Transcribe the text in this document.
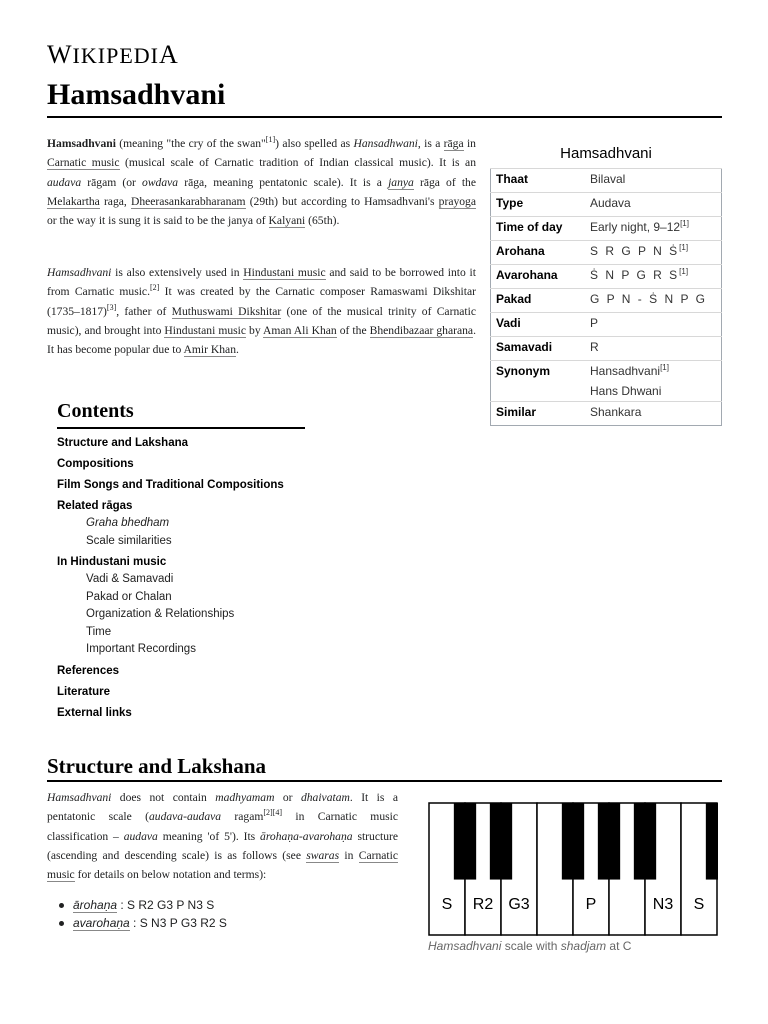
WIKIPEDIA
Hamsadhvani

Hamsadhvani (meaning "the cry of the swan"[1]) also spelled as Hansadhwani, is a rāga in Carnatic music (musical scale of Carnatic tradition of Indian classical music). It is an audava rāgam (or owdava rāga, meaning pentatonic scale). It is a janya rāga of the Melakartha raga, Dheerasankarabharanam (29th) but according to Hamsadhvani's prayoga or the way it is sung it is said to be the janya of Kalyani (65th).

Hamsadhvani is also extensively used in Hindustani music and said to be borrowed into it from Carnatic music.[2] It was created by the Carnatic composer Ramaswami Dikshitar (1735–1817)[3], father of Muthuswami Dikshitar (one of the musical trinity of Carnatic music), and brought into Hindustani music by Aman Ali Khan of the Bhendibazaar gharana. It has become popular due to Amir Khan.

Hamsadhvani
Thaat	Bilaval
Type	Audava
Time of day	Early night, 9–12[1]
Arohana	S R G P N Ṡ[1]
Avarohana	Ṡ N P G R S[1]
Pakad	G P N - Ṡ N P G
Vadi	P
Samavadi	R
Synonym	Hansadhvani[1]
Hans Dhwani

Similar	Shankara
Contents
Structure and Lakshana
Compositions
Film Songs and Traditional Compositions
Related rāgas
Graha bhedham
Scale similarities
In Hindustani music
Vadi & Samavadi
Pakad or Chalan
Organization & Relationships
Time
Important Recordings
References
Literature
External links
Structure and Lakshana

Hamsadhvani does not contain madhyamam or dhaivatam. It is a pentatonic scale (audava-audava ragam[2][4] in Carnatic music classification – audava meaning 'of 5'). Its ārohaṇa-avarohaṇa structure (ascending and descending scale) is as follows (see swaras in Carnatic music for details on below notation and terms):

ārohaṇa : S R2 G3 P N3 S
avarohaṇa : S N3 P G3 R2 S
S R2 G3	P	N3 S
Hamsadhvani scale with shadjam at C
